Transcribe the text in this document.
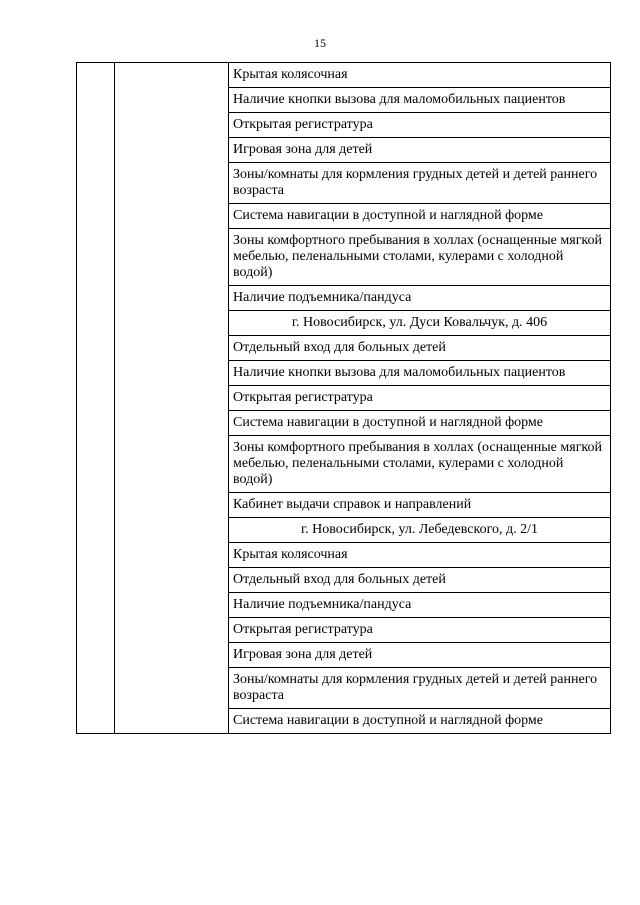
15
		Крытая колясочная
Наличие кнопки вызова для маломобильных пациентов
Открытая регистратура
Игровая зона для детей
Зоны/комнаты для кормления грудных детей и детей раннего возраста
Система навигации в доступной и наглядной форме
Зоны комфортного пребывания в холлах (оснащенные мягкой мебелью, пеленальными столами, кулерами с холодной водой)
Наличие подъемника/пандуса
г. Новосибирск, ул. Дуси Ковальчук, д. 406
Отдельный вход для больных детей
Наличие кнопки вызова для маломобильных пациентов
Открытая регистратура
Система навигации в доступной и наглядной форме
Зоны комфортного пребывания в холлах (оснащенные мягкой мебелью, пеленальными столами, кулерами с холодной водой)
Кабинет выдачи справок и направлений
г. Новосибирск, ул. Лебедевского, д. 2/1
Крытая колясочная
Отдельный вход для больных детей
Наличие подъемника/пандуса
Открытая регистратура
Игровая зона для детей
Зоны/комнаты для кормления грудных детей и детей раннего возраста
Система навигации в доступной и наглядной форме
